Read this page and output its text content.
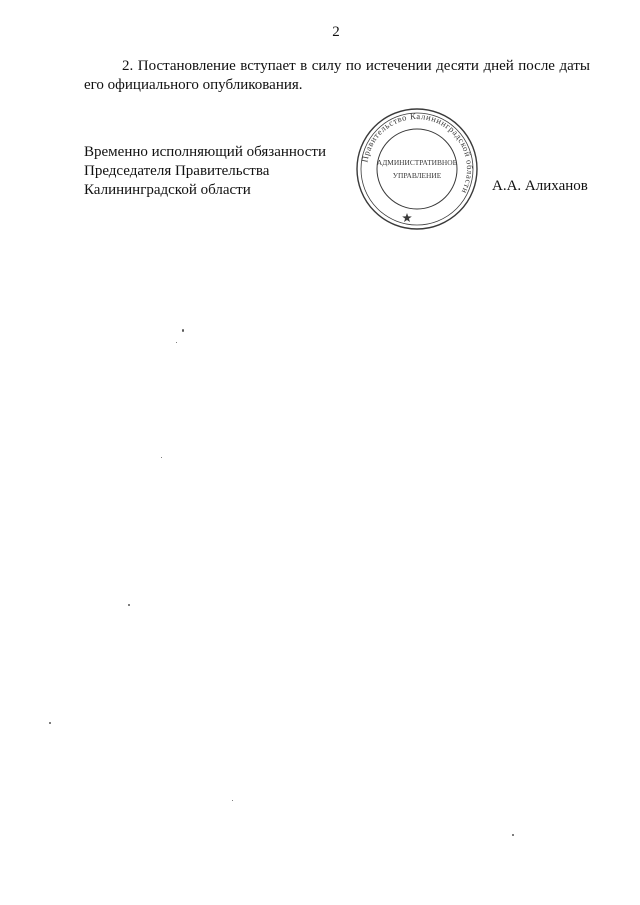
2
2. Постановление вступает в силу по истечении десяти дней после даты его официального опубликования.
Временно исполняющий обязанности
Председателя Правительства
Калининградской области	А.А. Алиханов
Правительство Калининградской области
АДМИНИСТРАТИВНОЕ
УПРАВЛЕНИЕ
